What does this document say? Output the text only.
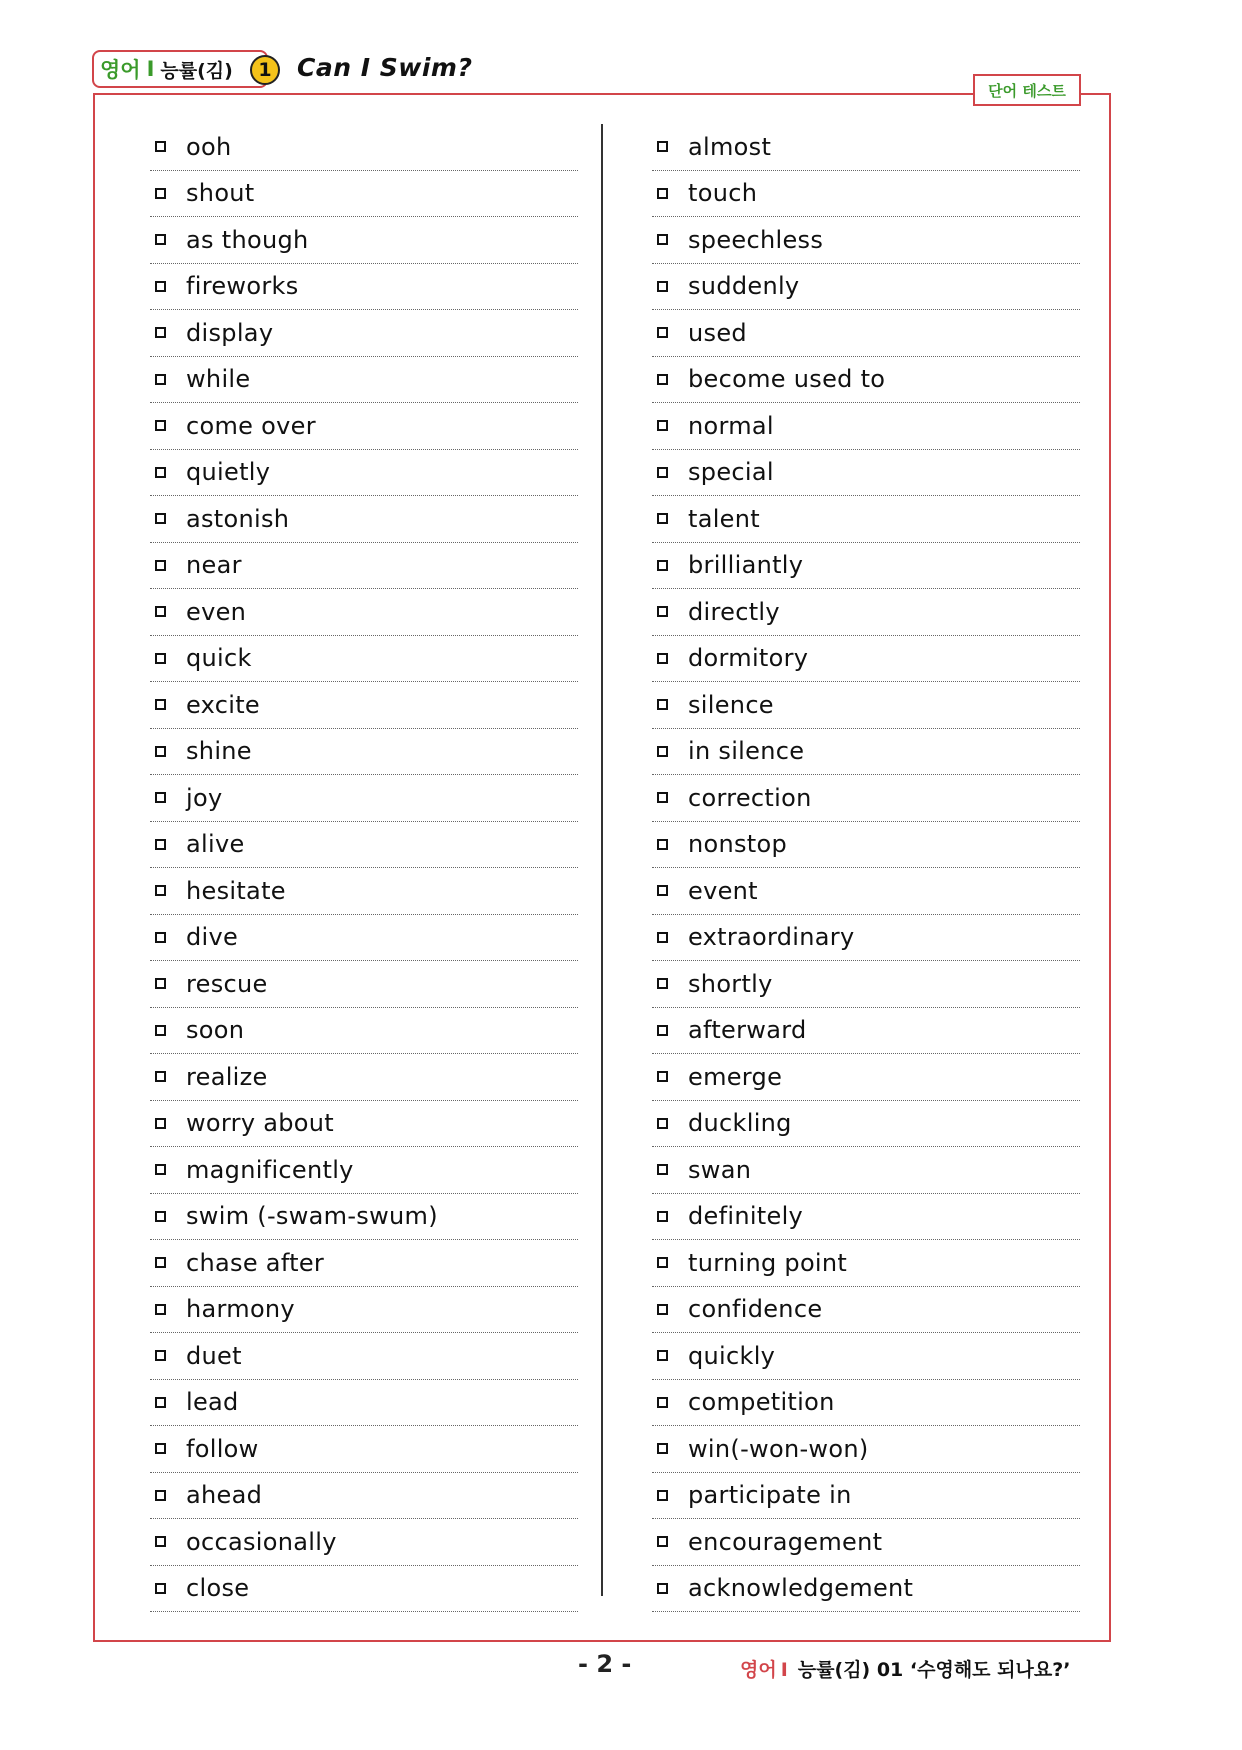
영어 I 능률(김)	1	Can I Swim?
단어 테스트
ooh
shout
as though
fireworks
display
while
come over
quietly
astonish
near
even
quick
excite
shine
joy
alive
hesitate
dive
rescue
soon
realize
worry about
magnificently
swim (-swam-swum)
chase after
harmony
duet
lead
follow
ahead
occasionally
close
almost
touch
speechless
suddenly
used
become used to
normal
special
talent
brilliantly
directly
dormitory
silence
in silence
correction
nonstop
event
extraordinary
shortly
afterward
emerge
duckling
swan
definitely
turning point
confidence
quickly
competition
win(-won-won)
participate in
encouragement
acknowledgement
- 2 -	영어 I 능률(김) 01 ‘수영해도 되나요?’
